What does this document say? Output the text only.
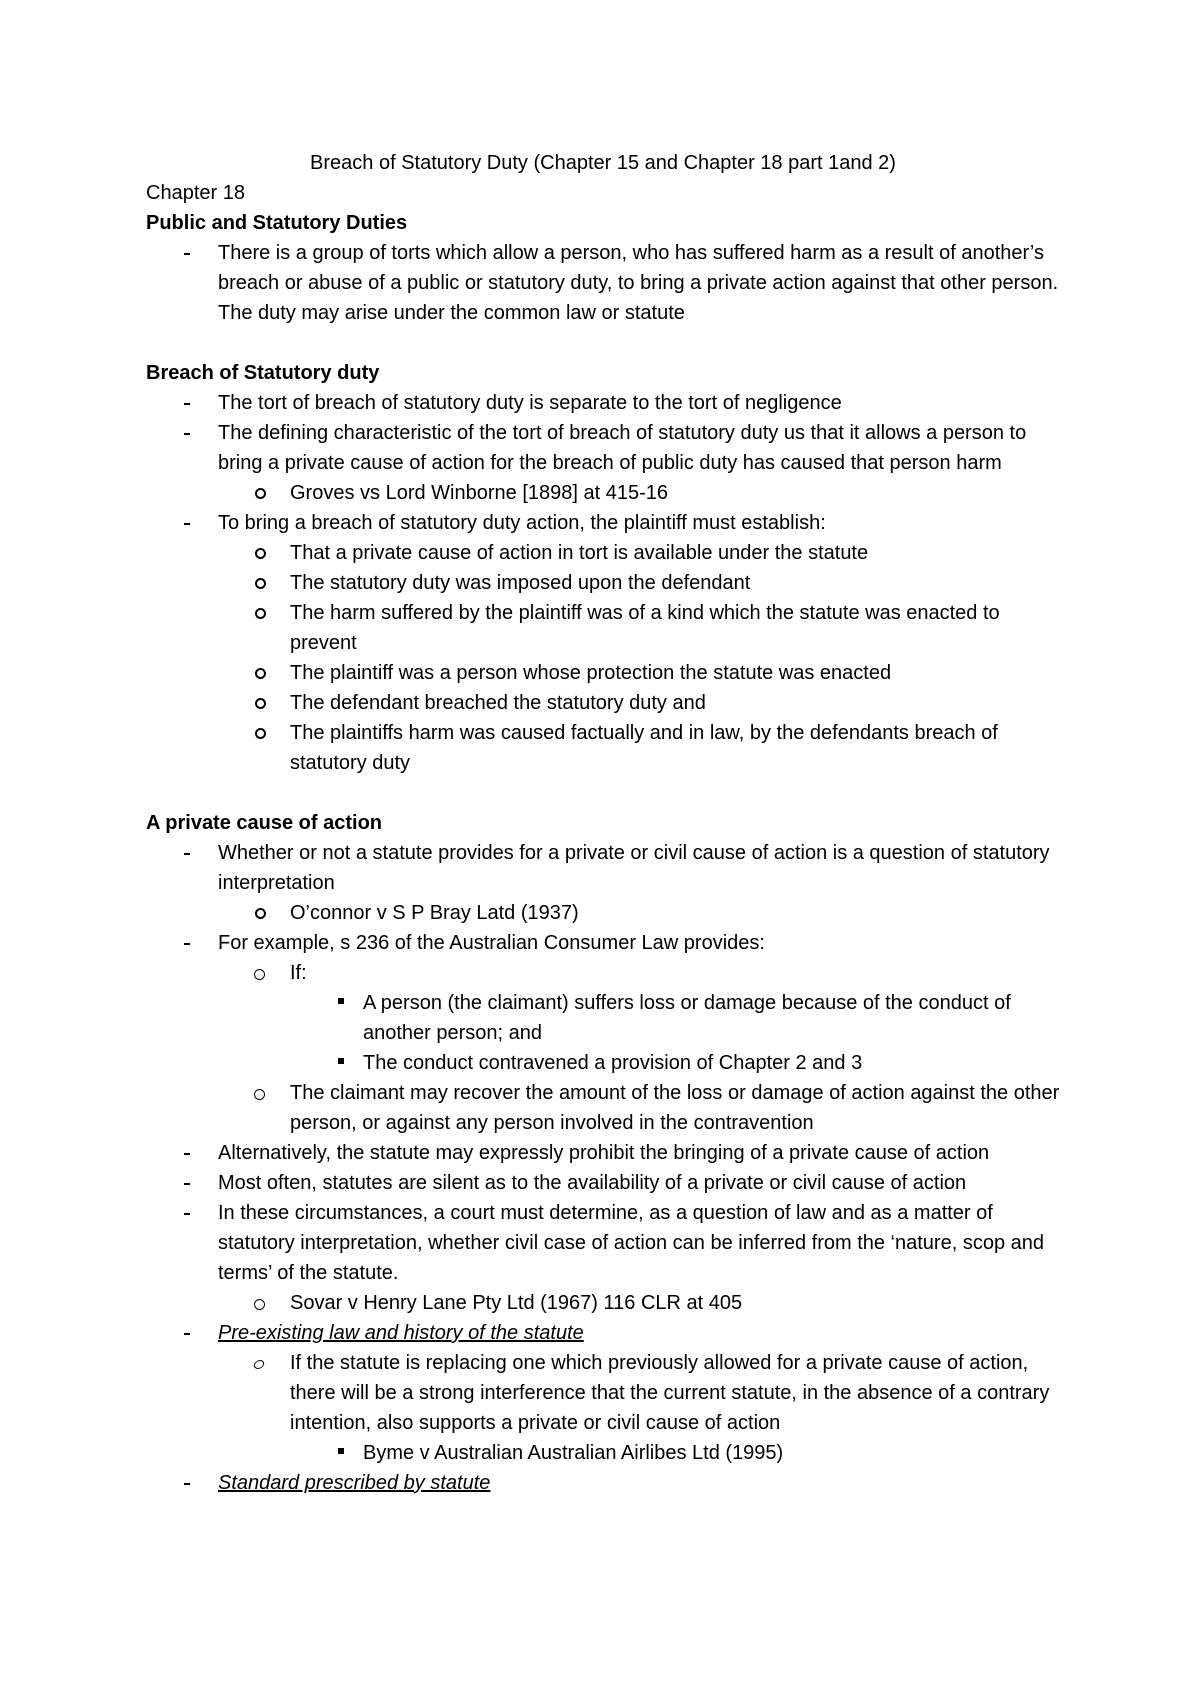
Breach of Statutory Duty (Chapter 15 and Chapter 18 part 1and 2)

Chapter 18

Public and Statutory Duties

There is a group of torts which allow a person, who has suffered harm as a result of another’s breach or abuse of a public or statutory duty, to bring a private action against that other person. The duty may arise under the common law or statute

Breach of Statutory duty

The tort of breach of statutory duty is separate to the tort of negligence
The defining characteristic of the tort of breach of statutory duty us that it allows a person to bring a private cause of action for the breach of public duty has caused that person harm
Groves vs Lord Winborne [1898] at 415-16
To bring a breach of statutory duty action, the plaintiff must establish:
That a private cause of action in tort is available under the statute
The statutory duty was imposed upon the defendant
The harm suffered by the plaintiff was of a kind which the statute was enacted to prevent
The plaintiff was a person whose protection the statute was enacted
The defendant breached the statutory duty and
The plaintiffs harm was caused factually and in law, by the defendants breach of statutory duty

A private cause of action

Whether or not a statute provides for a private or civil cause of action is a question of statutory interpretation
O’connor v S P Bray Latd (1937)
For example, s 236 of the Australian Consumer Law provides:
If:
A person (the claimant) suffers loss or damage because of the conduct of another person; and
The conduct contravened a provision of Chapter 2 and 3
The claimant may recover the amount of the loss or damage of action against the other person, or against any person involved in the contravention
Alternatively, the statute may expressly prohibit the bringing of a private cause of action
Most often, statutes are silent as to the availability of a private or civil cause of action
In these circumstances, a court must determine, as a question of law and as a matter of statutory interpretation, whether civil case of action can be inferred from the ‘nature, scop and terms’ of the statute.
Sovar v Henry Lane Pty Ltd (1967) 116 CLR at 405
Pre-existing law and history of the statute
If the statute is replacing one which previously allowed for a private cause of action, there will be a strong interference that the current statute, in the absence of a contrary intention, also supports a private or civil cause of action
Byme v Australian Australian Airlibes Ltd (1995)
Standard prescribed by statute
